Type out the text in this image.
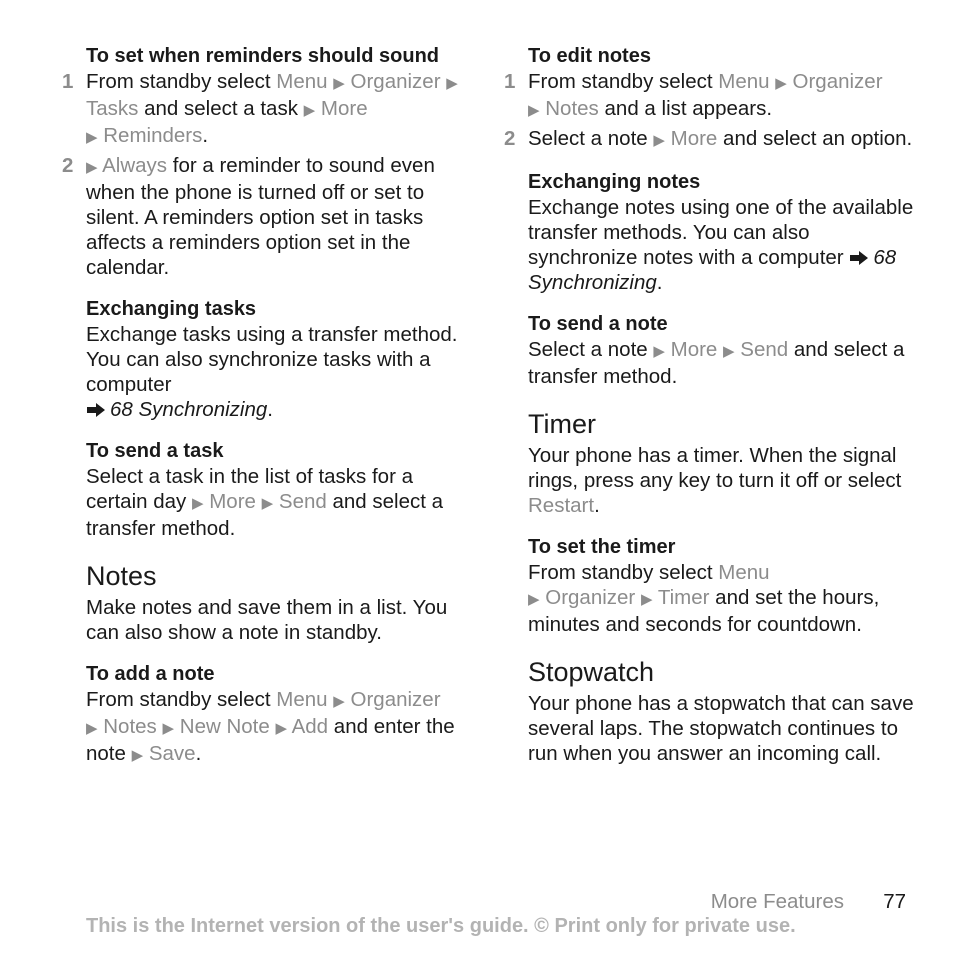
To set when reminders should sound

1 From standby select Menu ▶ Organizer ▶ Tasks and select a task ▶ More
▶ Reminders.
2 ▶ Always for a reminder to sound even when the phone is turned off or set to silent. A reminders option set in tasks affects a reminders option set in the calendar.

Exchanging tasks

Exchange tasks using a transfer method. You can also synchronize tasks with a computer
68 Synchronizing.

To send a task

Select a task in the list of tasks for a certain day ▶ More ▶ Send and select a transfer method.

Notes

Make notes and save them in a list. You can also show a note in standby.

To add a note

From standby select Menu ▶ Organizer
▶ Notes ▶ New Note ▶ Add and enter the note ▶ Save.

To edit notes

1 From standby select Menu ▶ Organizer
▶ Notes and a list appears.
2 Select a note ▶ More and select an option.

Exchanging notes

Exchange notes using one of the available transfer methods. You can also synchronize notes with a computer 68 Synchronizing.

To send a note

Select a note ▶ More ▶ Send and select a transfer method.

Timer

Your phone has a timer. When the signal rings, press any key to turn it off or select Restart.

To set the timer

From standby select Menu
▶ Organizer ▶ Timer and set the hours, minutes and seconds for countdown.

Stopwatch

Your phone has a stopwatch that can save several laps. The stopwatch continues to run when you answer an incoming call.

More Features 77
This is the Internet version of the user's guide. © Print only for private use.
